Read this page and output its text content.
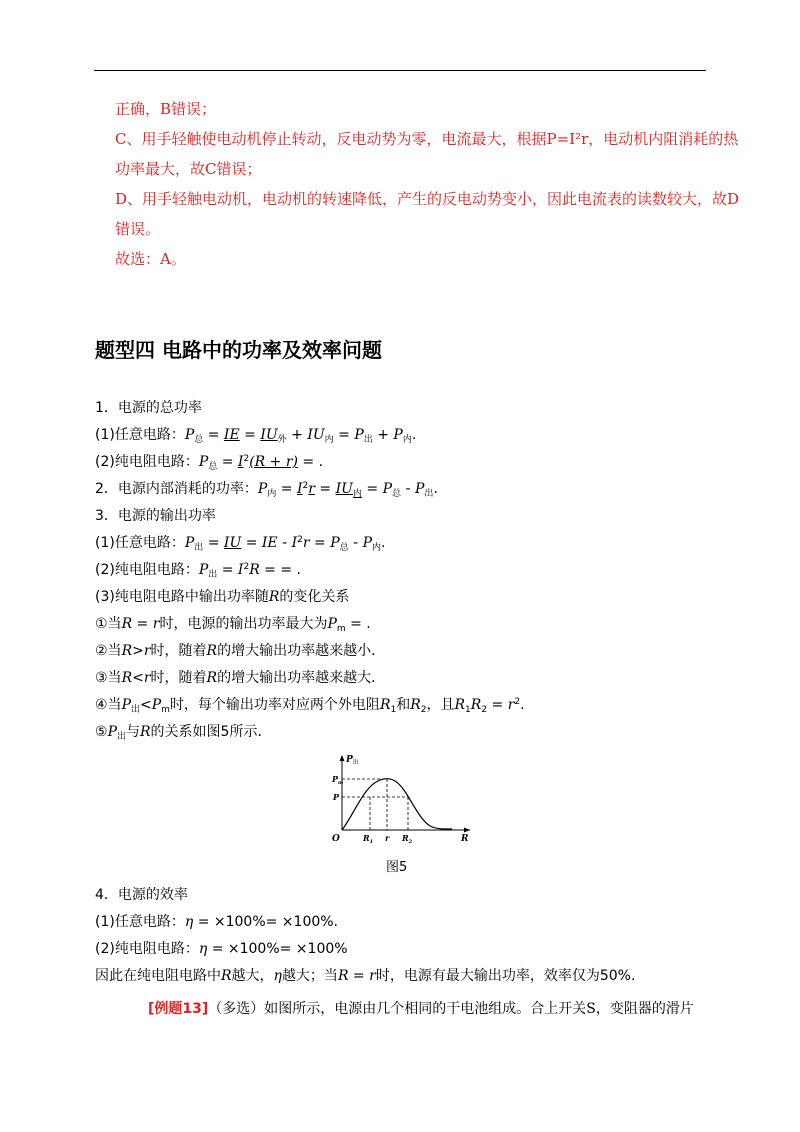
正确，B错误；
C、用手轻触使电动机停止转动，反电动势为零，电流最大，根据P=I²r，电动机内阻消耗的热
功率最大，故C错误；
D、用手轻触电动机，电动机的转速降低，产生的反电动势变小，因此电流表的读数较大，故D
错误。
故选：A。
题型四 电路中的功率及效率问题
1．电源的总功率
(1)任意电路：$P_总$ = IE = $IU_外 + IU_内 = P_出 + P_内$.
(2)纯电阻电路：$P_总 = I^2(R + r)$ = .
2．电源内部消耗的功率：$P_内 = I^2r = IU_内 = P_总 - P_出$.
3．电源的输出功率
(1)任意电路：$P_出$ = IU = IE - $I^2r = P_总 - P_内$.
(2)纯电阻电路：$P_出 = I^2R$ = = .
(3)纯电阻电路中输出功率随R的变化关系
①当R = r时，电源的输出功率最大为$P_m$ = .
②当R>r时，随着R的增大输出功率越来越小．
③当R<r时，随着R的增大输出功率越来越大．
④当$P_出<P_m$时，每个输出功率对应两个外电阻$R_1$和$R_2$，且$R_1R_2 = r^2$.
$⑤P_出$与R的关系如图5所示．
$P_出$
$P_m$
P
O	$R_1$ r $R_2$	R
图5
4．电源的效率
(1)任意电路：η = ×100%= ×100%.
(2)纯电阻电路：η = ×100%= ×100%
因此在纯电阻电路中R越大，η越大；当R = r时，电源有最大输出功率，效率仅为50%.
[例题13]（多选）如图所示，电源由几个相同的干电池组成。合上开关S，变阻器的滑片
